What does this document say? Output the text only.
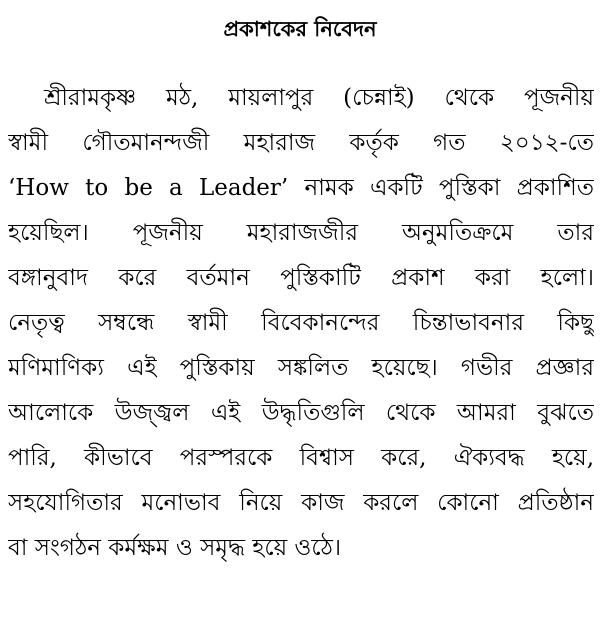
প্রকাশকের নিবেদন
শ্রীরামকৃষ্ণ মঠ, মায়লাপুর (চেন্নাই) থেকে পূজনীয়
স্বামী গৌতমানন্দজী মহারাজ কর্তৃক গত ২০১২-তে
‘How to be a Leader’ নামক একটি পুস্তিকা প্রকাশিত
হয়েছিল। পূজনীয় মহারাজজীর অনুমতিক্রমে তার
বঙ্গানুবাদ করে বর্তমান পুস্তিকাটি প্রকাশ করা হলো।
নেতৃত্ব সম্বন্ধে স্বামী বিবেকানন্দের চিন্তাভাবনার কিছু
মণিমাণিক্য এই পুস্তিকায় সঙ্কলিত হয়েছে। গভীর প্রজ্ঞার
আলোকে উজ্জ্বল এই উদ্ধৃতিগুলি থেকে আমরা বুঝতে
পারি, কীভাবে পরস্পরকে বিশ্বাস করে, ঐক্যবদ্ধ হয়ে,
সহযোগিতার মনোভাব নিয়ে কাজ করলে কোনো প্রতিষ্ঠান
বা সংগঠন কর্মক্ষম ও সমৃদ্ধ হয়ে ওঠে।
